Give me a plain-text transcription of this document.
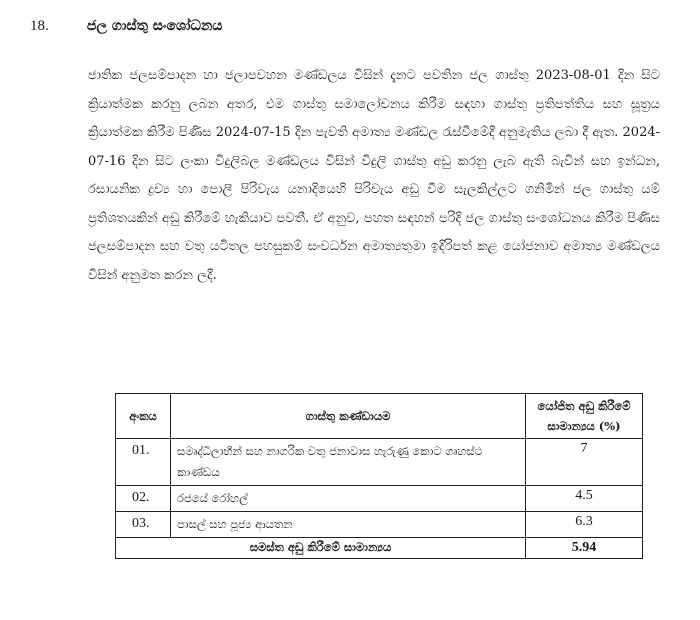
18.	ජල ගාස්තු සංශෝධනය
ජාතික ජලසම්පාදන හා ජලාපවහන මණ්ඩලය විසින් දැනට පවතින ජල ගාස්තු 2023-08-01 දින සිට ක්‍රියාත්මක කරනු ලබන අතර, එම ගාස්තු සමාලෝචනය කිරීම සඳහා ගාස්තු ප්‍රතිපත්තිය සහ සූත්‍රය ක්‍රියාත්මක කිරීම පිණිස 2024-07-15 දින පැවති අමාත්‍ය මණ්ඩල රැස්වීමේදී අනුමැතිය ලබා දී ඇත. 2024-07-16 දින සිට ලංකා විදුලිබල මණ්ඩලය විසින් විදුලි ගාස්තු අඩු කරනු ලැබ ඇති බැවින් සහ ඉන්ධන, රසායනික ද්‍රව්‍ය හා පොලී පිරිවැය යනාදියෙහි පිරිවැය අඩු වීම සැලකිල්ලට ගනිමින් ජල ගාස්තු යම් ප්‍රතිශතයකින් අඩු කිරීමේ හැකියාව පවතී. ඒ අනුව, පහත සඳහන් පරිදි ජල ගාස්තු සංශෝධනය කිරීම පිණිස ජලසම්පාදන සහ වතු යටිතල පහසුකම් සංවර්ධන අමාත්‍යතුමා ඉදිරිපත් කළ යෝජනාව අමාත්‍ය මණ්ඩලය විසින් අනුමත කරන ලදී.
අංකය	ගාස්තු කණ්ඩායම	යෝජිත අඩු කිරීමේ සාමාන්‍යය (%)
01.	සමෘද්ධිලාභීන් සහ නාගරික වතු ජනාවාස හැරුණු කොට ගෘහස්ථ කාණ්ඩය	7
02.	රජයේ රෝහල්	4.5
03.	පාසල් සහ පූජ්‍ය ආයතන	6.3
සමස්ත අඩු කිරීමේ සාමාන්‍යය		5.94
